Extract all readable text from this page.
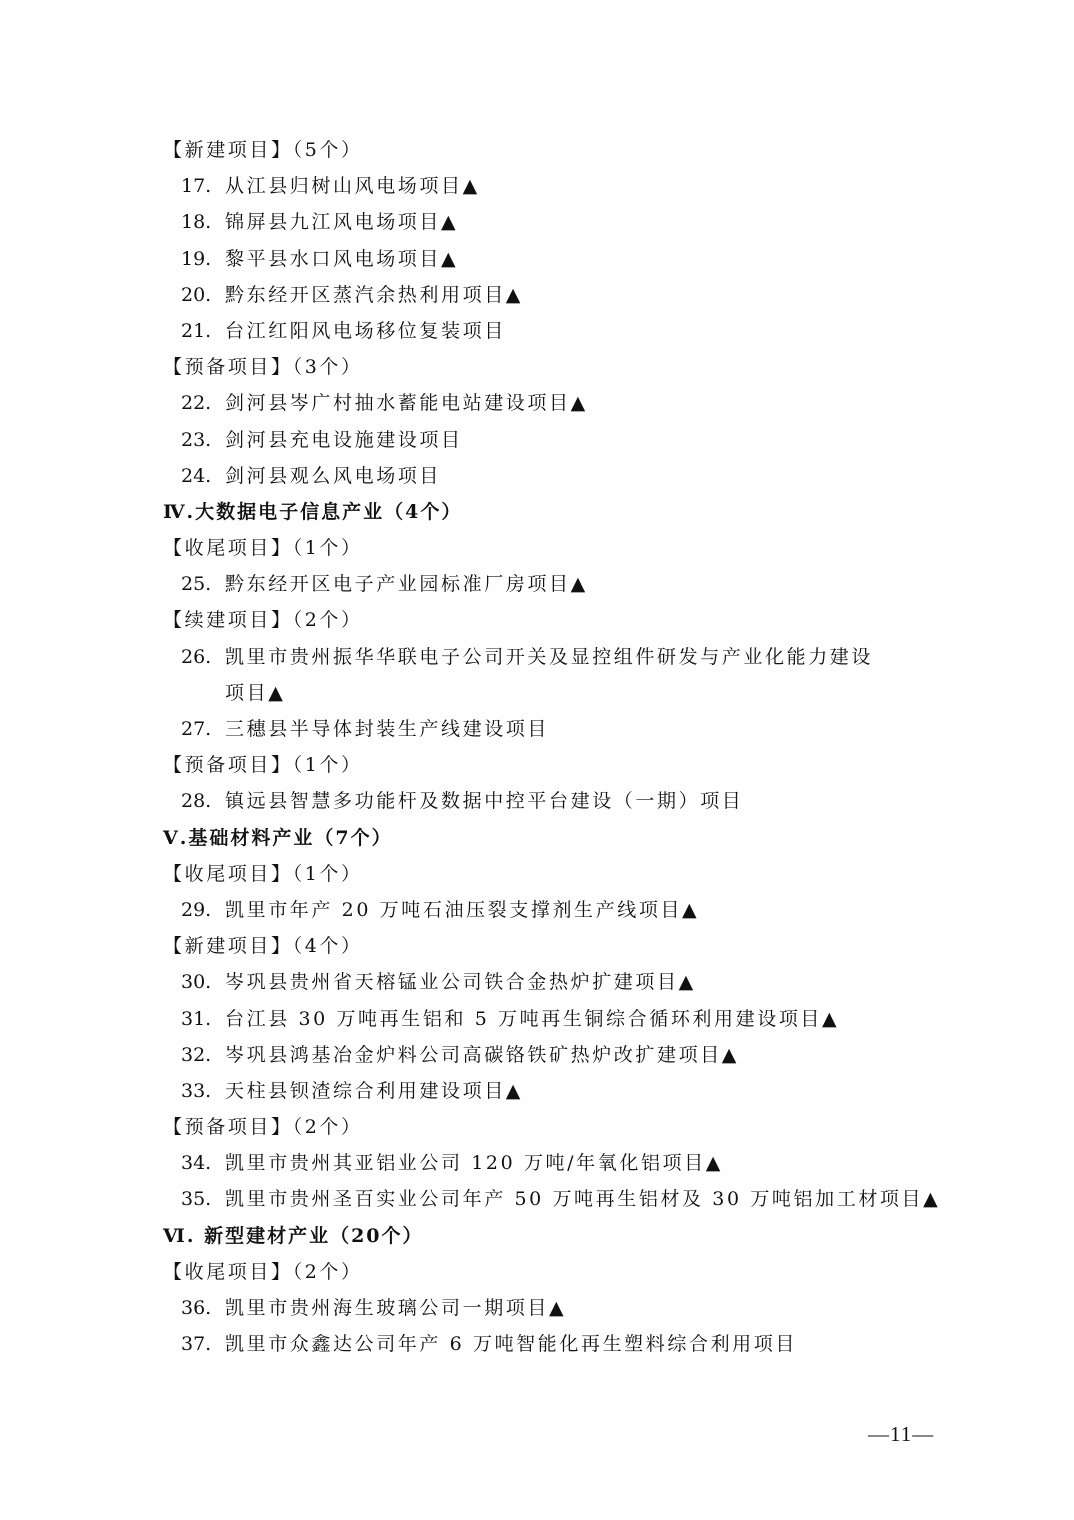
【新建项目】（5个）
17. 从江县归树山风电场项目▲
18. 锦屏县九江风电场项目▲
19. 黎平县水口风电场项目▲
20. 黔东经开区蒸汽余热利用项目▲
21. 台江红阳风电场移位复装项目
【预备项目】（3个）
22. 剑河县岑广村抽水蓄能电站建设项目▲
23. 剑河县充电设施建设项目
24. 剑河县观么风电场项目
Ⅳ.大数据电子信息产业（4个）
【收尾项目】（1个）
25. 黔东经开区电子产业园标准厂房项目▲
【续建项目】（2个）
26. 凯里市贵州振华华联电子公司开关及显控组件研发与产业化能力建设
项目▲
27. 三穗县半导体封装生产线建设项目
【预备项目】（1个）
28. 镇远县智慧多功能杆及数据中控平台建设（一期）项目
Ⅴ.基础材料产业（7个）
【收尾项目】（1个）
29. 凯里市年产 20 万吨石油压裂支撑剂生产线项目▲
【新建项目】（4个）
30. 岑巩县贵州省天榕锰业公司铁合金热炉扩建项目▲
31. 台江县 30 万吨再生铝和 5 万吨再生铜综合循环利用建设项目▲
32. 岑巩县鸿基冶金炉料公司高碳铬铁矿热炉改扩建项目▲
33. 天柱县钡渣综合利用建设项目▲
【预备项目】（2个）
34. 凯里市贵州其亚铝业公司 120 万吨/年氧化铝项目▲
35. 凯里市贵州圣百实业公司年产 50 万吨再生铝材及 30 万吨铝加工材项目▲
Ⅵ. 新型建材产业（20个）
【收尾项目】（2个）
36. 凯里市贵州海生玻璃公司一期项目▲
37. 凯里市众鑫达公司年产 6 万吨智能化再生塑料综合利用项目
—11—
